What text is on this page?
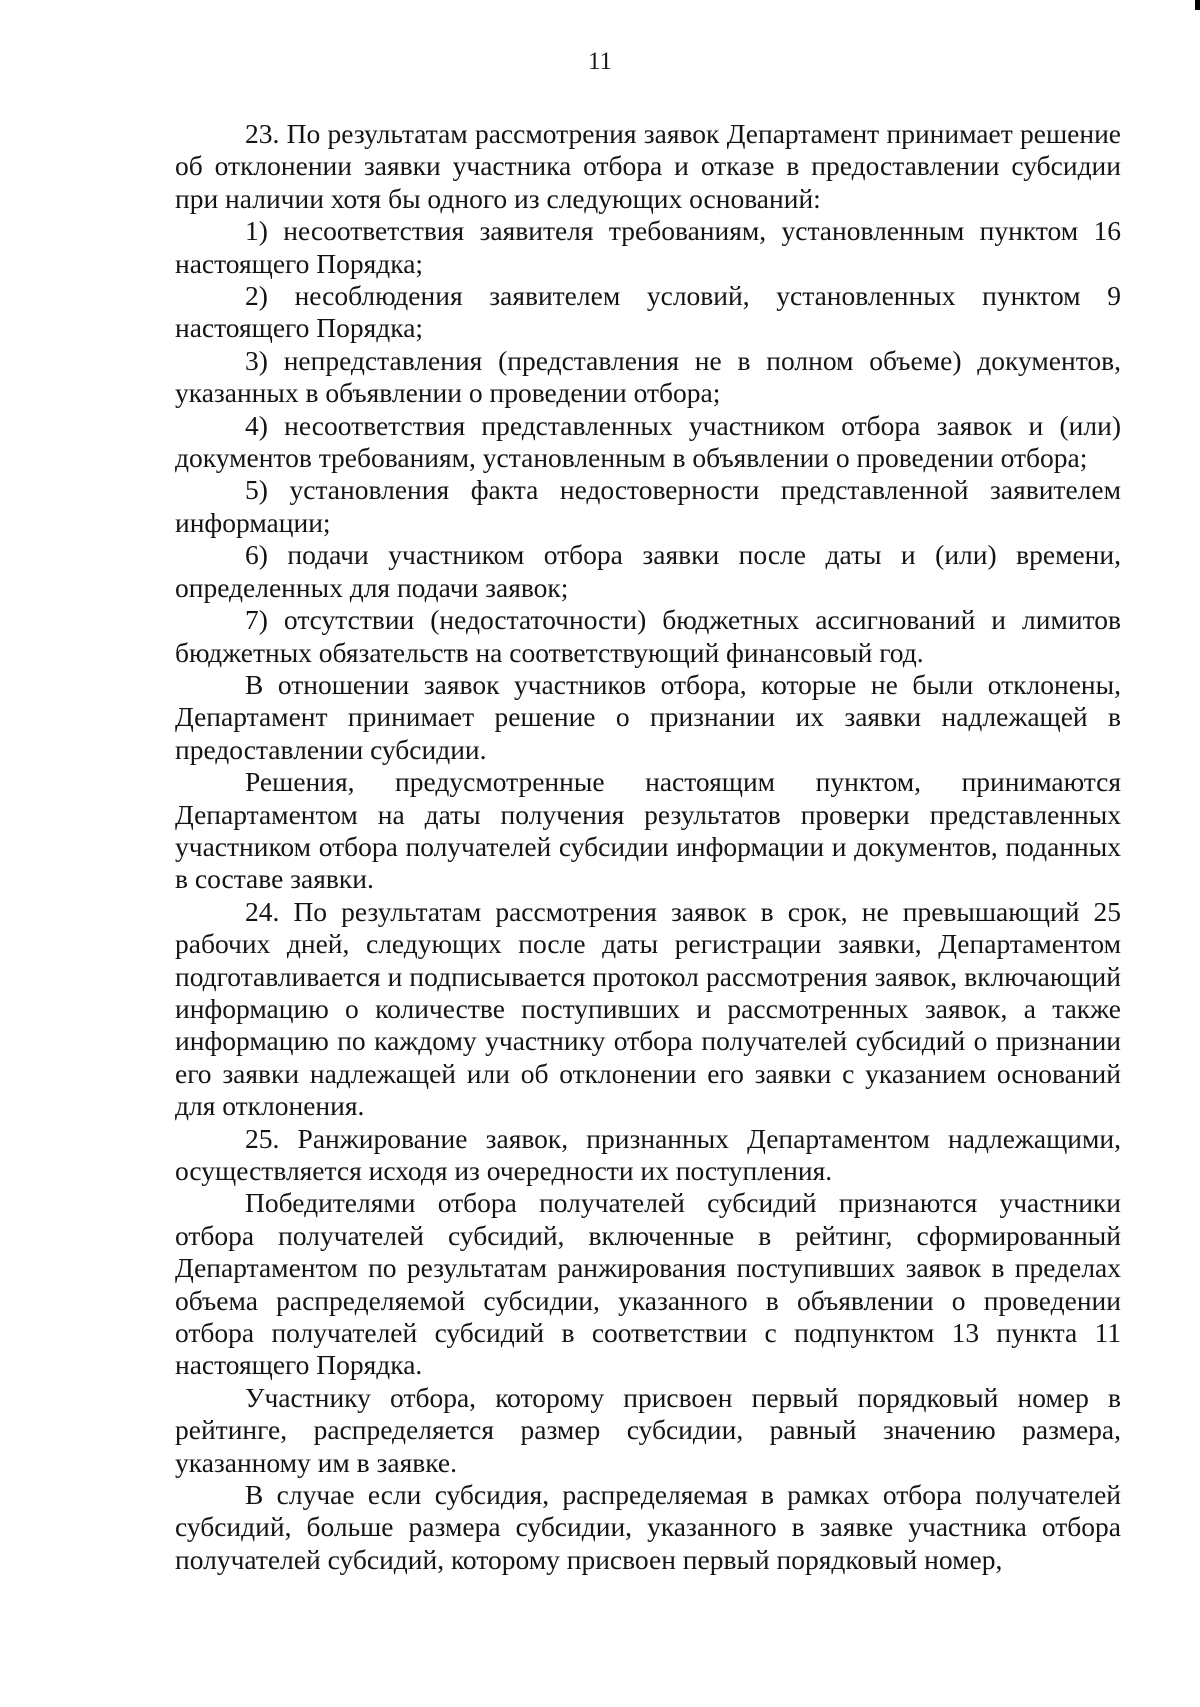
11

23. По результатам рассмотрения заявок Департамент принимает решение об отклонении заявки участника отбора и отказе в предоставлении субсидии при наличии хотя бы одного из следующих оснований:

1) несоответствия заявителя требованиям, установленным пунктом 16 настоящего Порядка;

2) несоблюдения заявителем условий, установленных пунктом 9 настоящего Порядка;

3) непредставления (представления не в полном объеме) документов, указанных в объявлении о проведении отбора;

4) несоответствия представленных участником отбора заявок и (или) документов требованиям, установленным в объявлении о проведении отбора;

5) установления факта недостоверности представленной заявителем информации;

6) подачи участником отбора заявки после даты и (или) времени, определенных для подачи заявок;

7) отсутствии (недостаточности) бюджетных ассигнований и лимитов бюджетных обязательств на соответствующий финансовый год.

В отношении заявок участников отбора, которые не были отклонены, Департамент принимает решение о признании их заявки надлежащей в предоставлении субсидии.

Решения, предусмотренные настоящим пунктом, принимаются Департаментом на даты получения результатов проверки представленных участником отбора получателей субсидии информации и документов, поданных в составе заявки.

24. По результатам рассмотрения заявок в срок, не превышающий 25 рабочих дней, следующих после даты регистрации заявки, Департаментом подготавливается и подписывается протокол рассмотрения заявок, включающий информацию о количестве поступивших и рассмотренных заявок, а также информацию по каждому участнику отбора получателей субсидий о признании его заявки надлежащей или об отклонении его заявки с указанием оснований для отклонения.

25. Ранжирование заявок, признанных Департаментом надлежащими, осуществляется исходя из очередности их поступления.

Победителями отбора получателей субсидий признаются участники отбора получателей субсидий, включенные в рейтинг, сформированный Департаментом по результатам ранжирования поступивших заявок в пределах объема распределяемой субсидии, указанного в объявлении о проведении отбора получателей субсидий в соответствии с подпунктом 13 пункта 11 настоящего Порядка.

Участнику отбора, которому присвоен первый порядковый номер в рейтинге, распределяется размер субсидии, равный значению размера, указанному им в заявке.

В случае если субсидия, распределяемая в рамках отбора получателей субсидий, больше размера субсидии, указанного в заявке участника отбора получателей субсидий, которому присвоен первый порядковый номер,
